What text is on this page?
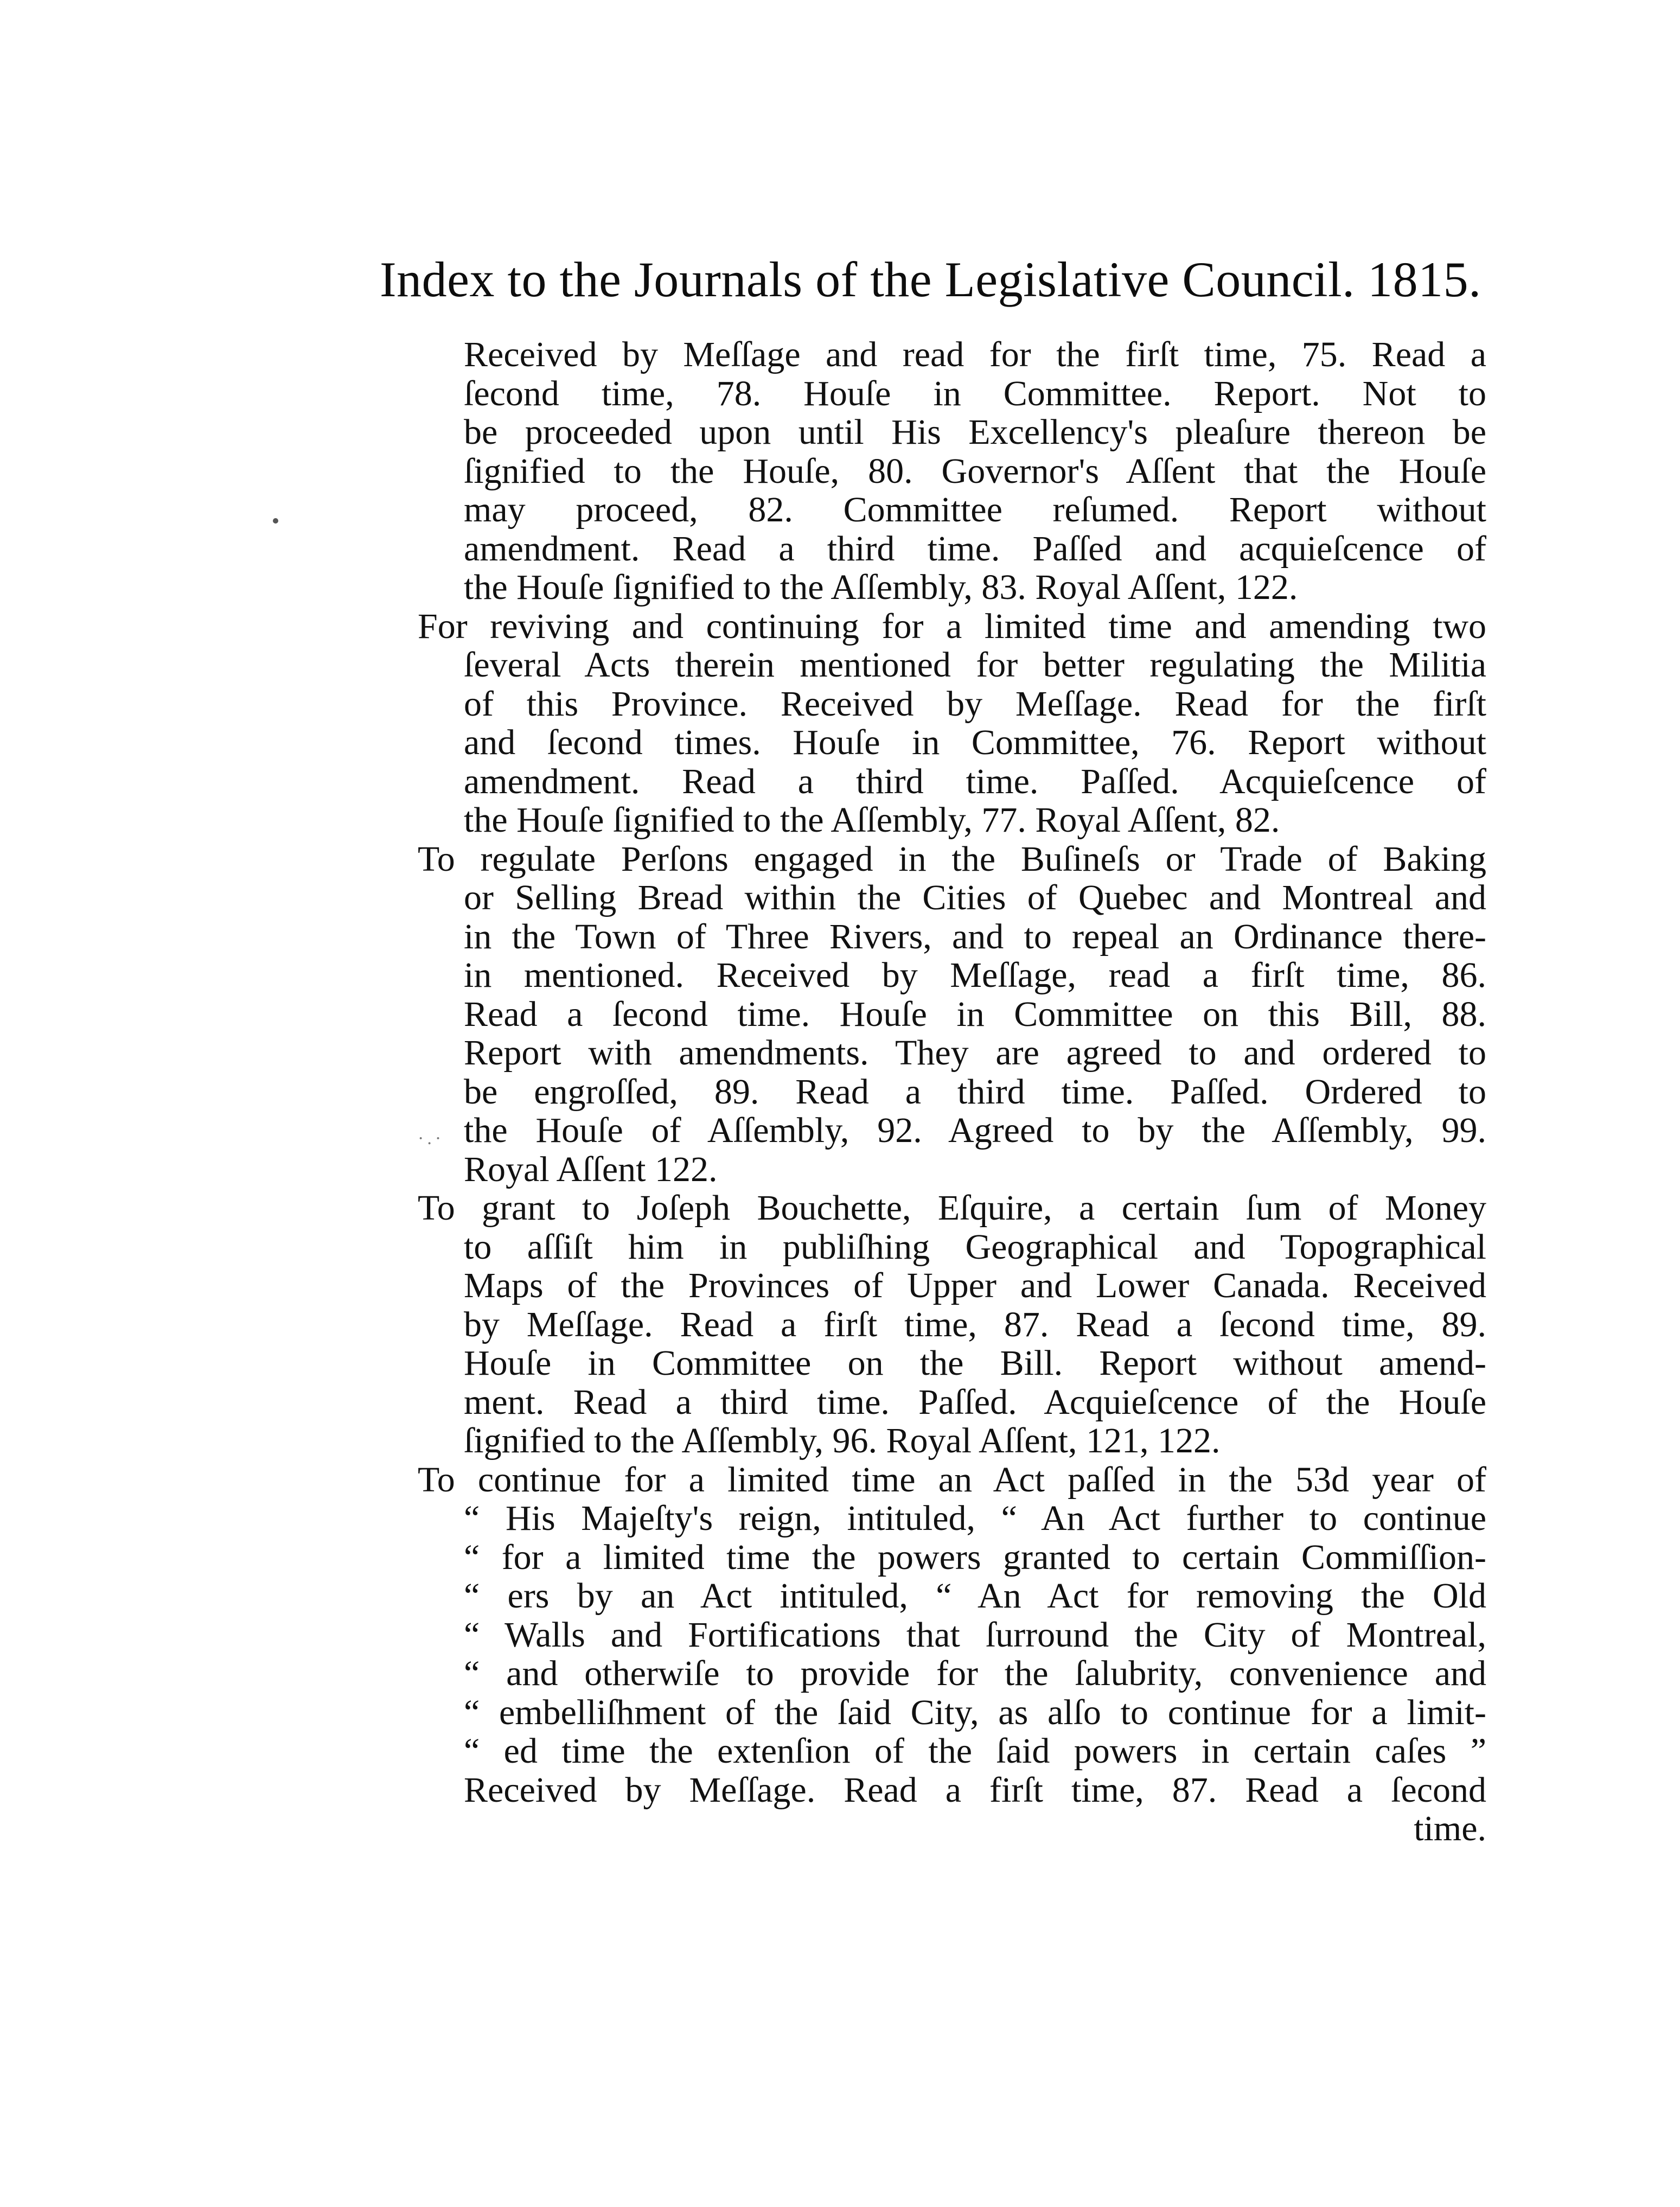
Index to the Journals of the Legislative Council. 1815.
·.·
Received by Meſſage and read for the firſt time, 75. Read a
ſecond time, 78. Houſe in Committee. Report. Not to
be proceeded upon until His Excellency's pleaſure thereon be
ſignified to the Houſe, 80. Governor's Aſſent that the Houſe
may proceed, 82. Committee reſumed. Report without
amendment. Read a third time. Paſſed and acquieſcence of
the Houſe ſignified to the Aſſembly, 83. Royal Aſſent, 122.
For reviving and continuing for a limited time and amending two
ſeveral Acts therein mentioned for better regulating the Militia
of this Province. Received by Meſſage. Read for the firſt
and ſecond times. Houſe in Committee, 76. Report without
amendment. Read a third time. Paſſed. Acquieſcence of
the Houſe ſignified to the Aſſembly, 77. Royal Aſſent, 82.
To regulate Perſons engaged in the Buſineſs or Trade of Baking
or Selling Bread within the Cities of Quebec and Montreal and
in the Town of Three Rivers, and to repeal an Ordinance there-
in mentioned. Received by Meſſage, read a firſt time, 86.
Read a ſecond time. Houſe in Committee on this Bill, 88.
Report with amendments. They are agreed to and ordered to
be engroſſed, 89. Read a third time. Paſſed. Ordered to
the Houſe of Aſſembly, 92. Agreed to by the Aſſembly, 99.
Royal Aſſent 122.
To grant to Joſeph Bouchette, Eſquire, a certain ſum of Money
to aſſiſt him in publiſhing Geographical and Topographical
Maps of the Provinces of Upper and Lower Canada. Received
by Meſſage. Read a firſt time, 87. Read a ſecond time, 89.
Houſe in Committee on the Bill. Report without amend-
ment. Read a third time. Paſſed. Acquieſcence of the Houſe
ſignified to the Aſſembly, 96. Royal Aſſent, 121, 122.
To continue for a limited time an Act paſſed in the 53d year of
“ His Majeſty's reign, intituled, “ An Act further to continue
“ for a limited time the powers granted to certain Commiſſion-
“ ers by an Act intituled, “ An Act for removing the Old
“ Walls and Fortifications that ſurround the City of Montreal,
“ and otherwiſe to provide for the ſalubrity, convenience and
“ embelliſhment of the ſaid City, as alſo to continue for a limit-
“ ed time the extenſion of the ſaid powers in certain caſes ”
Received by Meſſage. Read a firſt time, 87. Read a ſecond
time.
